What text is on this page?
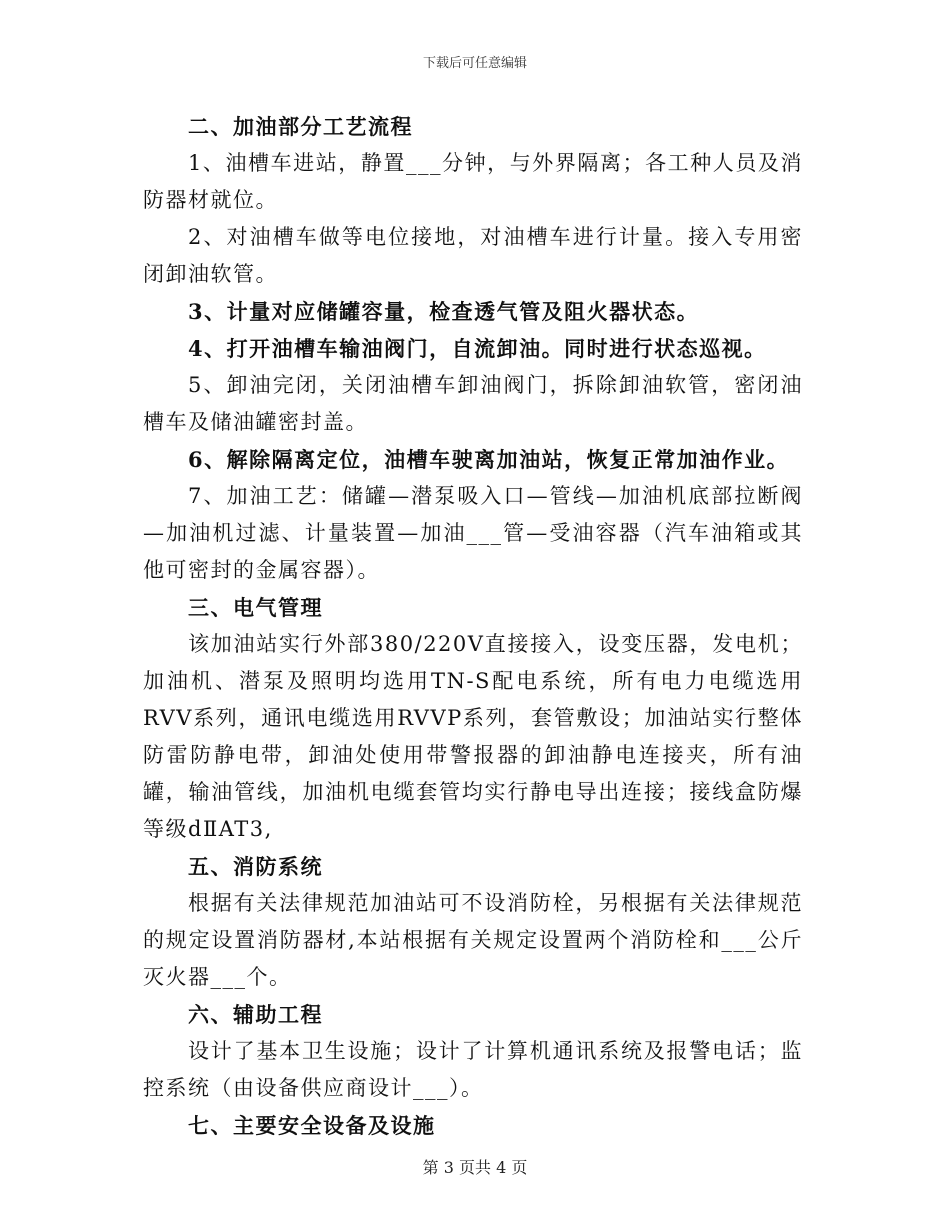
下载后可任意编辑

二、加油部分工艺流程

1、油槽车进站，静置___分钟，与外界隔离；各工种人员及消防器材就位。

2、对油槽车做等电位接地，对油槽车进行计量。接入专用密闭卸油软管。

3、计量对应储罐容量，检查透气管及阻火器状态。

4、打开油槽车输油阀门，自流卸油。同时进行状态巡视。

5、卸油完闭，关闭油槽车卸油阀门，拆除卸油软管，密闭油槽车及储油罐密封盖。

6、解除隔离定位，油槽车驶离加油站，恢复正常加油作业。

7、加油工艺：储罐—潜泵吸入口—管线—加油机底部拉断阀—加油机过滤、计量装置—加油___管—受油容器（汽车油箱或其他可密封的金属容器）。

三、电气管理

该加油站实行外部380/220V直接接入，设变压器，发电机；加油机、潜泵及照明均选用TN-S配电系统，所有电力电缆选用RVV系列，通讯电缆选用RVVP系列，套管敷设；加油站实行整体防雷防静电带，卸油处使用带警报器的卸油静电连接夹，所有油罐，输油管线，加油机电缆套管均实行静电导出连接；接线盒防爆等级dⅡAT3,

五、消防系统

根据有关法律规范加油站可不设消防栓，另根据有关法律规范的规定设置消防器材,本站根据有关规定设置两个消防栓和___公斤灭火器___个。

六、辅助工程

设计了基本卫生设施；设计了计算机通讯系统及报警电话；监控系统（由设备供应商设计___）。

七、主要安全设备及设施

第 3 页共 4 页
